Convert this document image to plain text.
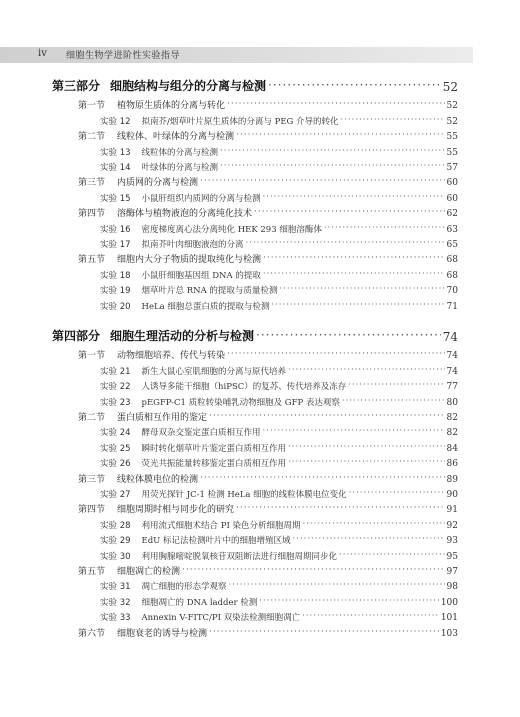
iv 细胞生物学进阶性实验指导
第三部分 细胞结构与组分的分离与检测 ·····	52
第一节 植物原生质体的分离与转化 ·····	52
实验 12 拟南芥/烟草叶片原生质体的分离与 PEG 介导的转化 ·····	52
第二节 线粒体、叶绿体的分离与检测 ·····	55
实验 13 线粒体的分离与检测 ·····	55
实验 14 叶绿体的分离与检测 ·····	57
第三节 内质网的分离与检测 ·····	60
实验 15 小鼠肝组织内质网的分离与检测 ·····	60
第四节 溶酶体与植物液泡的分离纯化技术 ·····	62
实验 16 密度梯度离心法分离纯化 HEK 293 细胞溶酶体 ·····	63
实验 17 拟南芥叶肉细胞液泡的分离 ·····	65
第五节 细胞内大分子物质的提取纯化与检测 ·····	68
实验 18 小鼠肝细胞基因组 DNA 的提取 ·····	68
实验 19 烟草叶片总 RNA 的提取与质量检测 ·····	70
实验 20 HeLa 细胞总蛋白质的提取与检测 ·····	71
第四部分 细胞生理活动的分析与检测 ·····	74
第一节 动物细胞培养、传代与转染 ·····	74
实验 21 新生大鼠心室肌细胞的分离与原代培养 ·····	74
实验 22 人诱导多能干细胞（hiPSC）的复苏、传代培养及冻存 ·····	77
实验 23 pEGFP-C1 质粒转染哺乳动物细胞及 GFP 表达观察 ·····	80
第二节 蛋白质相互作用的鉴定 ·····	82
实验 24 酵母双杂交鉴定蛋白质相互作用 ·····	82
实验 25 瞬时转化烟草叶片鉴定蛋白质相互作用 ·····	84
实验 26 荧光共振能量转移鉴定蛋白质相互作用 ·····	86
第三节 线粒体膜电位的检测 ·····	89
实验 27 用荧光探针 JC-1 检测 HeLa 细胞的线粒体膜电位变化 ·····	90
第四节 细胞周期时相与同步化的研究 ·····	91
实验 28 利用流式细胞术结合 PI 染色分析细胞周期 ·····	92
实验 29 EdU 标记法检测叶片中的细胞增殖区域 ·····	93
实验 30 利用胸腺嘧啶脱氧核苷双阻断法进行细胞周期同步化 ·····	95
第五节 细胞凋亡的检测 ·····	97
实验 31 凋亡细胞的形态学观察 ·····	98
实验 32 细胞凋亡的 DNA ladder 检测 ·····	100
实验 33 Annexin V-FITC/PI 双染法检测细胞凋亡 ·····	101
第六节 细胞衰老的诱导与检测 ·····	103
